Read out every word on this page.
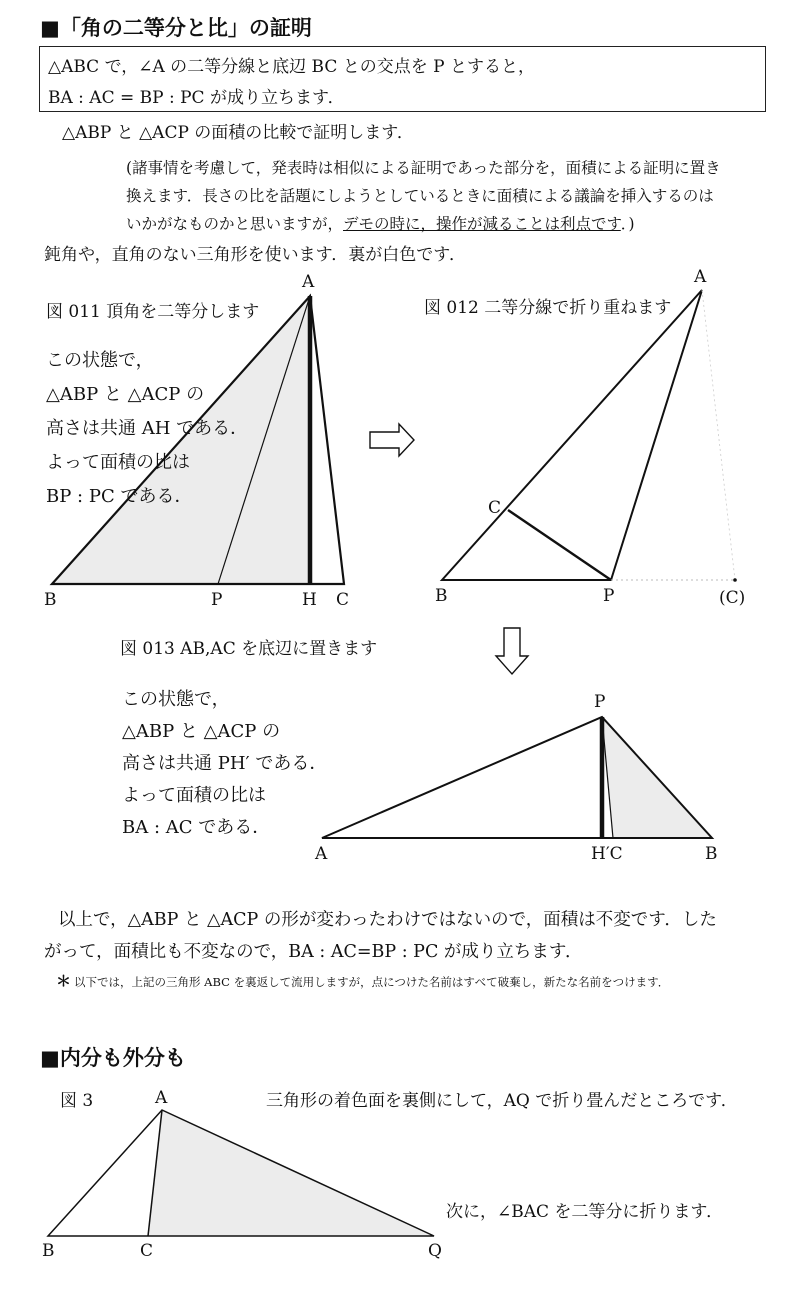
■「角の二等分と比」の証明
△ABC で，∠A の二等分線と底辺 BC との交点を P とすると，
BA : AC = BP : PC が成り立ちます．
△ABP と △ACP の面積の比較で証明します．
(諸事情を考慮して，発表時は相似による証明であった部分を，面積による証明に置き
換えます．長さの比を話題にしようとしているときに面積による議論を挿入するのは
いかがなものかと思いますが，デモの時に，操作が減ることは利点です．)
鈍角や，直角のない三角形を使います．裏が白色です．
図 011 頂角を二等分します
この状態で，
△ABP と △ACP の
高さは共通 AH である．
よって面積の比は
BP : PC である．
A
B	P	H C
図 012 二等分線で折り重ねます
A
C
B	P	(C)
図 013 AB,AC を底辺に置きます
この状態で，
△ABP と △ACP の
高さは共通 PH′ である．
よって面積の比は
BA : AC である．
P
A	H′C	B
以上で，△ABP と △ACP の形が変わったわけではないので，面積は不変です．した
がって，面積比も不変なので，BA : AC=BP : PC が成り立ちます．
＊ 以下では，上記の三角形 ABC を裏返して流用しますが，点につけた名前はすべて破棄し，新たな名前をつけます．
■内分も外分も
図 3	三角形の着色面を裏側にして，AQ で折り畳んだところです．
次に，∠BAC を二等分に折ります．
A
B	C	Q
